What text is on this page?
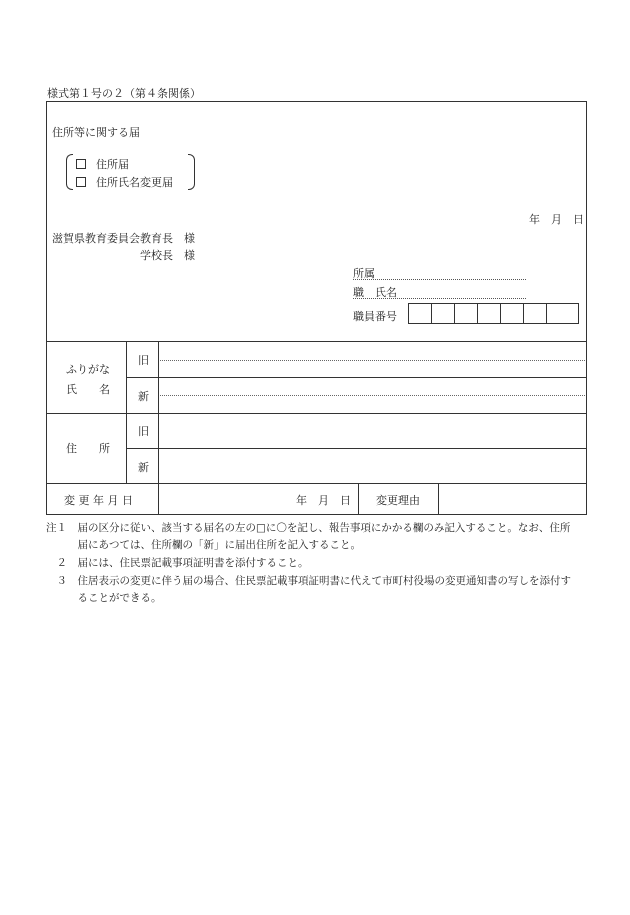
様式第１号の２（第４条関係）
住所等に関する届
住所届
住所氏名変更届
年　月　日
滋賀県教育委員会教育長　様
学校長　様
所属
職　氏名
職員番号
ふりがな
氏　　名
旧
新
住　　所
旧
新
変 更 年 月 日	年　月　日 変更理由
注１　届の区分に従い、該当する届名の左の□に〇を記し、報告事項にかかる欄のみ記入すること。なお、住所
　　　届にあつては、住所欄の「新」に届出住所を記入すること。
　２　届には、住民票記載事項証明書を添付すること。
　３　住居表示の変更に伴う届の場合、住民票記載事項証明書に代えて市町村役場の変更通知書の写しを添付す
　　　ることができる。
